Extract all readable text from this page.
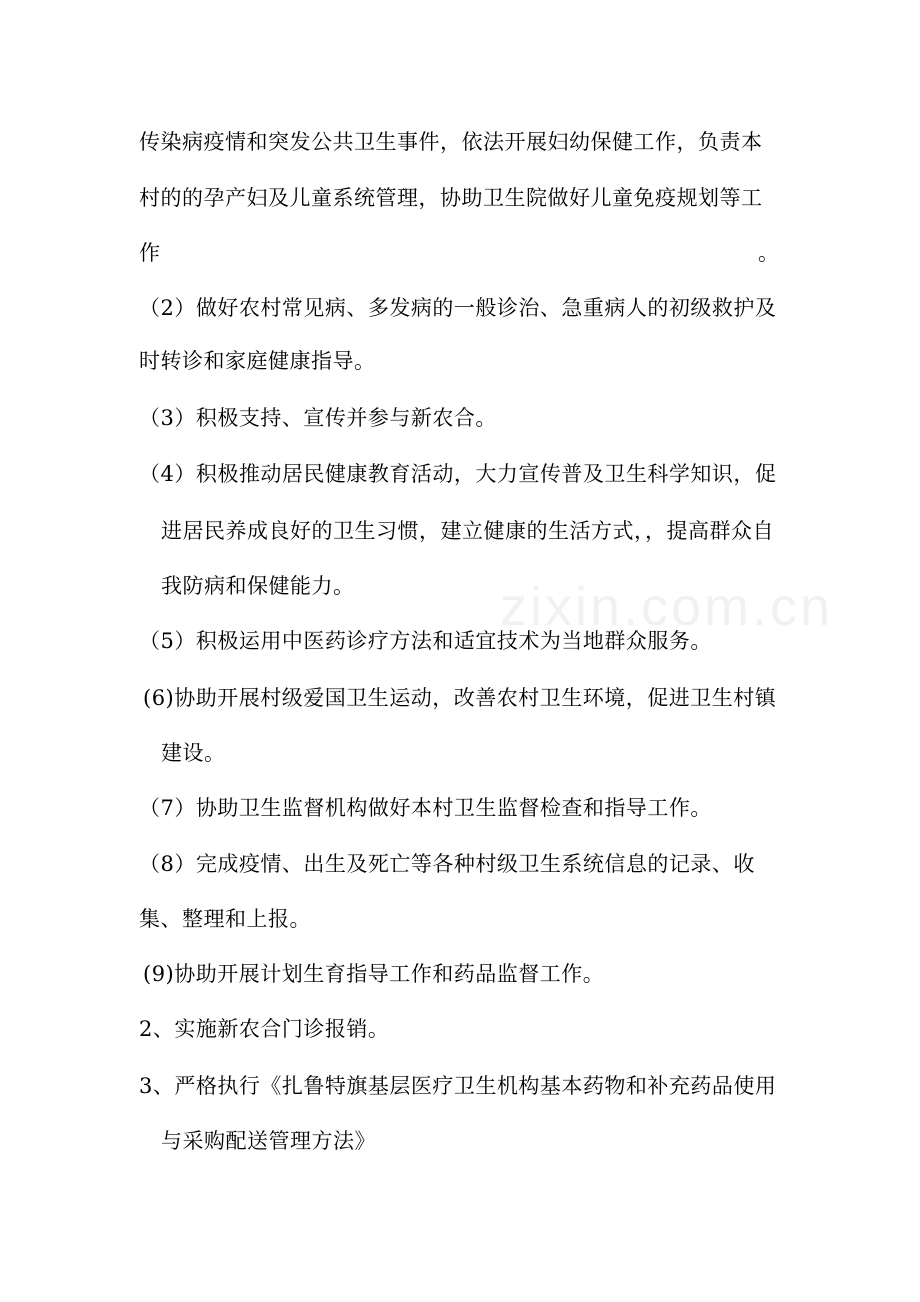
zixin.com.cn
传染病疫情和突发公共卫生事件，依法开展妇幼保健工作，负责本
村的的孕产妇及儿童系统管理，协助卫生院做好儿童免疫规划等工
作	。
（2）做好农村常见病、多发病的一般诊治、急重病人的初级救护及
时转诊和家庭健康指导。
（3）积极支持、宣传并参与新农合。
（4）积极推动居民健康教育活动，大力宣传普及卫生科学知识，促
进居民养成良好的卫生习惯，建立健康的生活方式，，提高群众自
我防病和保健能力。
（5）积极运用中医药诊疗方法和适宜技术为当地群众服务。
(6)协助开展村级爱国卫生运动，改善农村卫生环境，促进卫生村镇
建设。
（7）协助卫生监督机构做好本村卫生监督检查和指导工作。
（8）完成疫情、出生及死亡等各种村级卫生系统信息的记录、收
集、整理和上报。
(9)协助开展计划生育指导工作和药品监督工作。
2、实施新农合门诊报销。
3、严格执行《扎鲁特旗基层医疗卫生机构基本药物和补充药品使用
与采购配送管理方法》
